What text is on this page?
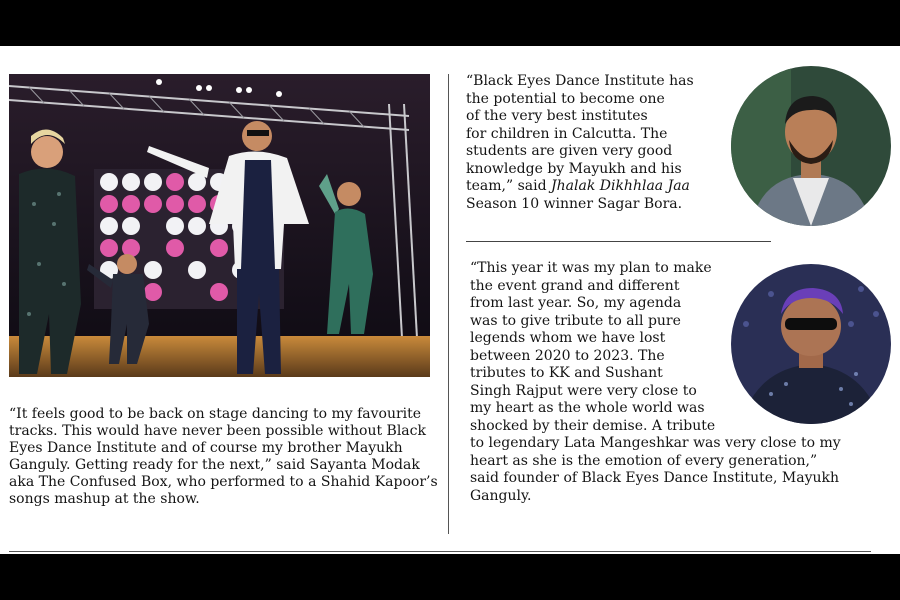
“It feels good to be back on stage dancing to my favourite tracks. This would have never been possible without Black Eyes Dance Institute and of course my brother Mayukh Ganguly. Getting ready for the next,” said Sayanta Modak aka The Confused Box, who performed to a Shahid Kapoor’s songs mashup at the show.

“Black Eyes Dance Institute has
the potential to become one
of the very best institutes
for children in Calcutta. The
students are given very good
knowledge by Mayukh and his
team,” said Jhalak Dikhhlaa Jaa
Season 10 winner Sagar Bora.
“This year it was my plan to make
the event grand and different
from last year. So, my agenda
was to give tribute to all pure
legends whom we have lost
between 2020 to 2023. The
tributes to KK and Sushant
Singh Rajput were very close to
my heart as the whole world was
shocked by their demise. A tribute
to legendary Lata Mangeshkar was very close to my
heart as she is the emotion of every generation,”
said founder of Black Eyes Dance Institute, Mayukh
Ganguly.
